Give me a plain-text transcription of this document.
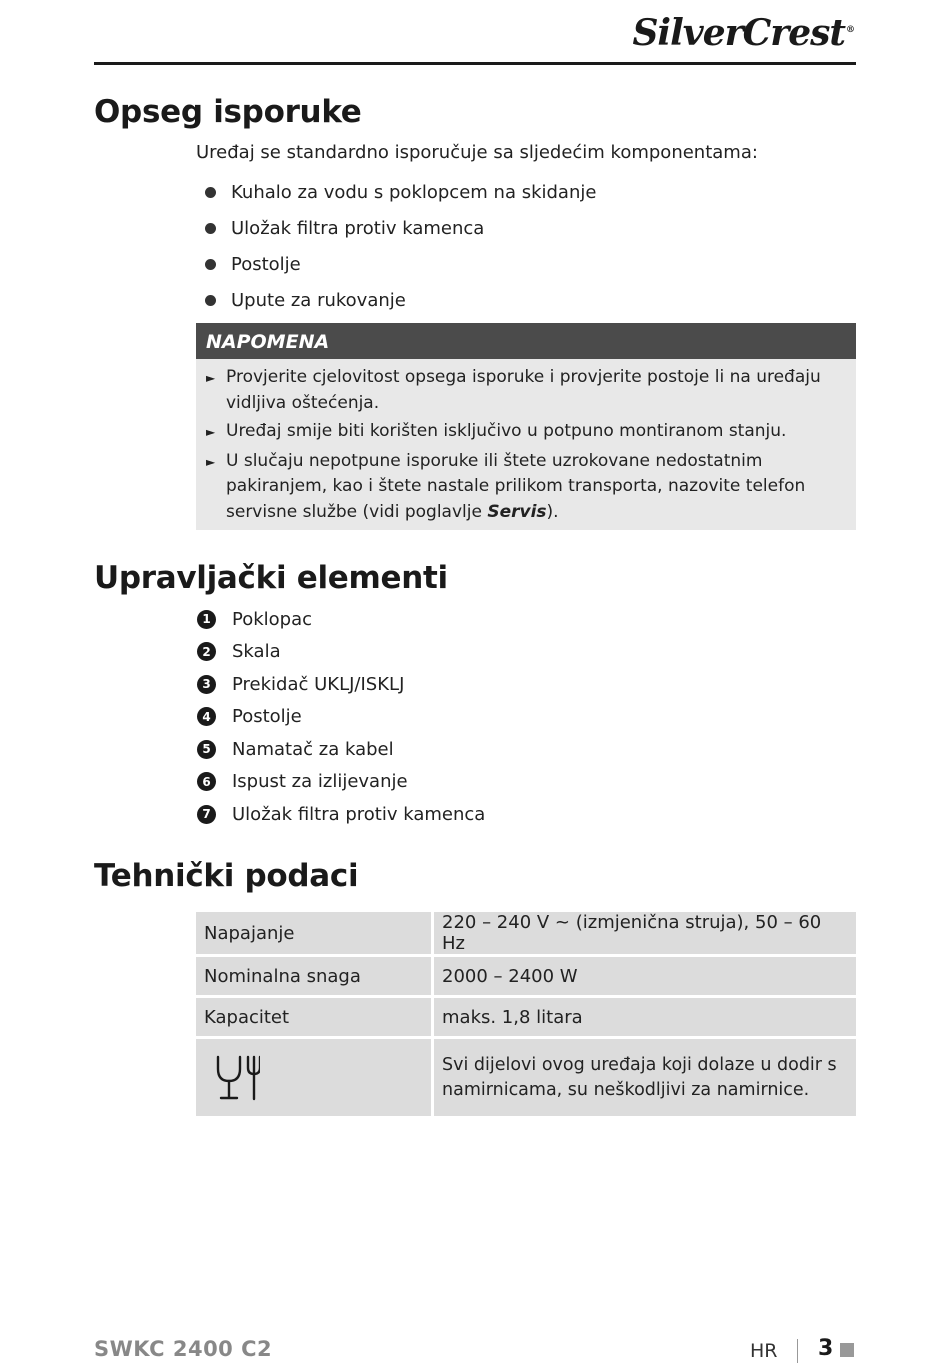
SilverCrest®
Opseg isporuke
Uređaj se standardno isporučuje sa sljedećim komponentama:
Kuhalo za vodu s poklopcem na skidanje
Uložak filtra protiv kamenca
Postolje
Upute za rukovanje
NAPOMENA
► Provjerite cjelovitost opsega isporuke i provjerite postoje li na uređaju vidljiva oštećenja.
► Uređaj smije biti korišten isključivo u potpuno montiranom stanju.
► U slučaju nepotpune isporuke ili štete uzrokovane nedostatnim pakiranjem, kao i štete nastale prilikom transporta, nazovite telefon servisne službe (vidi poglavlje Servis).
Upravljački elementi
1 Poklopac
2 Skala
3 Prekidač UKLJ/ISKLJ
4 Postolje
5 Namatač za kabel
6 Ispust za izlijevanje
7 Uložak filtra protiv kamenca
Tehnički podaci
Napajanje	220 – 240 V ~ (izmjenična struja), 50 – 60 Hz
Nominalna snaga	2000 – 2400 W
Kapacitet	maks. 1,8 litara

	Svi dijelovi ovog uređaja koji dolaze u dodir s namirnicama, su neškodljivi za namirnice.
SWKC 2400 C2	HR 3
